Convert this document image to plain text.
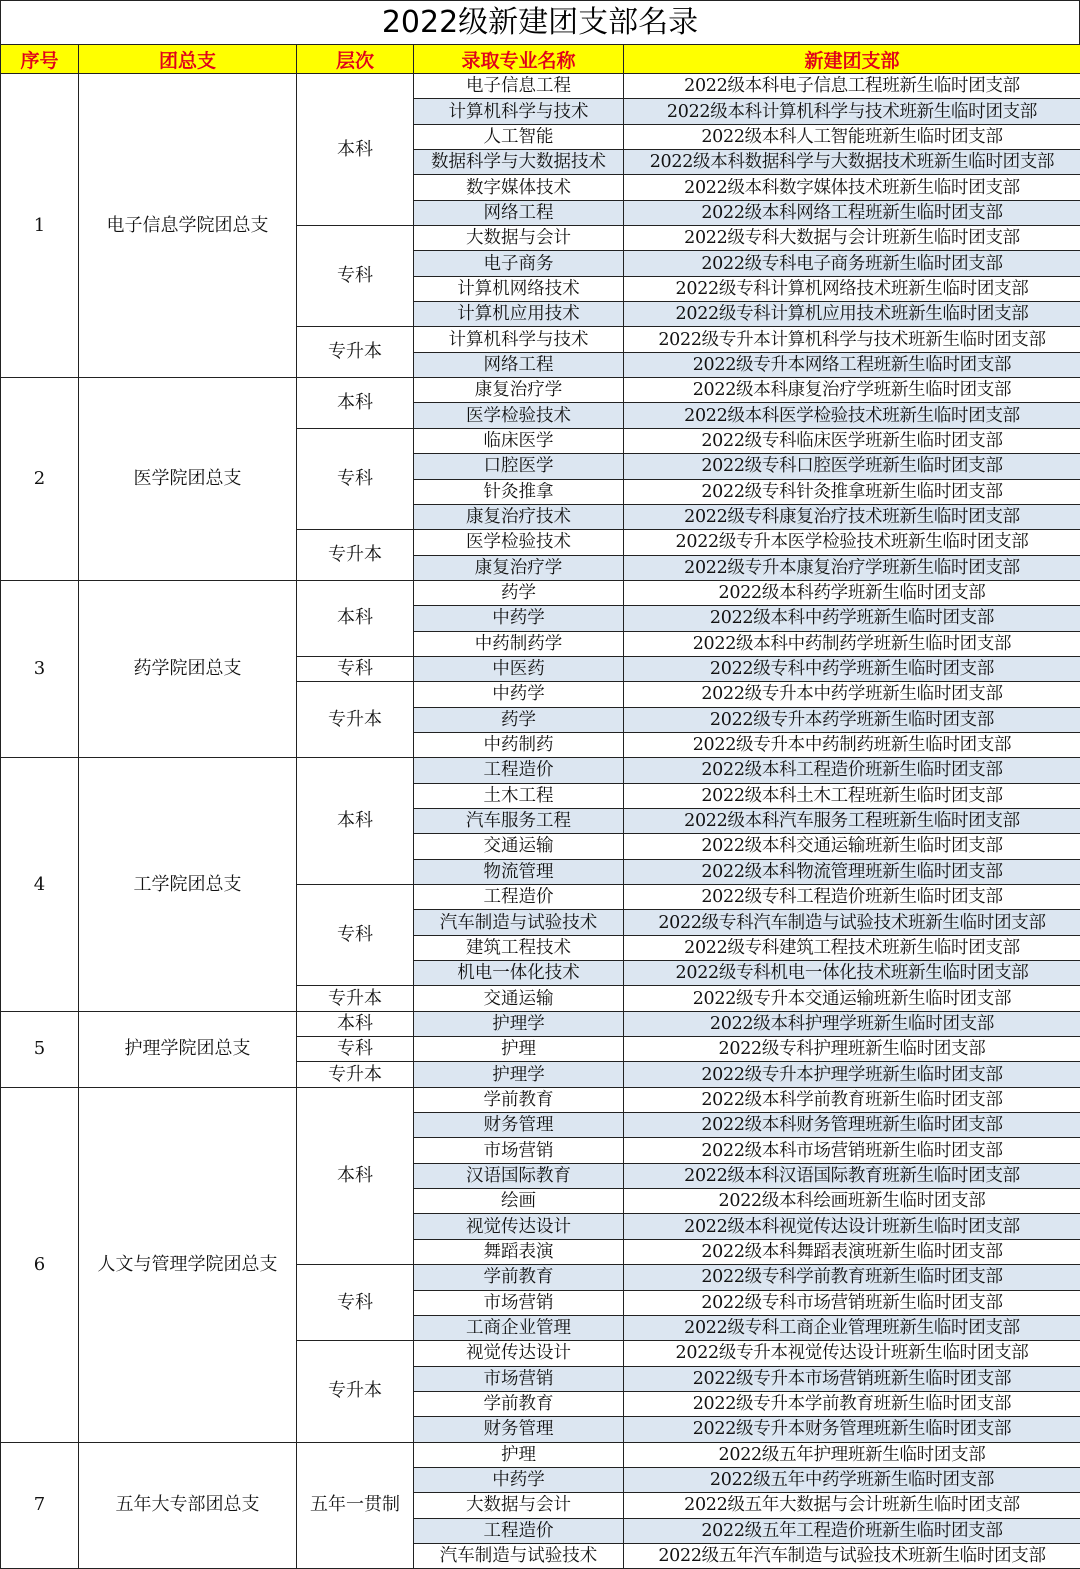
2022级新建团支部名录
序号	团总支	层次	录取专业名称	新建团支部
1	电子信息学院团总支	本科	电子信息工程	2022级本科电子信息工程班新生临时团支部
			计算机科学与技术	2022级本科计算机科学与技术班新生临时团支部
			人工智能	2022级本科人工智能班新生临时团支部
			数据科学与大数据技术	2022级本科数据科学与大数据技术班新生临时团支部
			数字媒体技术	2022级本科数字媒体技术班新生临时团支部
			网络工程	2022级本科网络工程班新生临时团支部
		专科	大数据与会计	2022级专科大数据与会计班新生临时团支部
			电子商务	2022级专科电子商务班新生临时团支部
			计算机网络技术	2022级专科计算机网络技术班新生临时团支部
			计算机应用技术	2022级专科计算机应用技术班新生临时团支部
		专升本	计算机科学与技术	2022级专升本计算机科学与技术班新生临时团支部
			网络工程	2022级专升本网络工程班新生临时团支部
2	医学院团总支	本科	康复治疗学	2022级本科康复治疗学班新生临时团支部
			医学检验技术	2022级本科医学检验技术班新生临时团支部
		专科	临床医学	2022级专科临床医学班新生临时团支部
			口腔医学	2022级专科口腔医学班新生临时团支部
			针灸推拿	2022级专科针灸推拿班新生临时团支部
			康复治疗技术	2022级专科康复治疗技术班新生临时团支部
		专升本	医学检验技术	2022级专升本医学检验技术班新生临时团支部
			康复治疗学	2022级专升本康复治疗学班新生临时团支部
3	药学院团总支	本科	药学	2022级本科药学班新生临时团支部
			中药学	2022级本科中药学班新生临时团支部
			中药制药学	2022级本科中药制药学班新生临时团支部
		专科	中医药	2022级专科中药学班新生临时团支部
		专升本	中药学	2022级专升本中药学班新生临时团支部
			药学	2022级专升本药学班新生临时团支部
			中药制药	2022级专升本中药制药班新生临时团支部
4	工学院团总支	本科	工程造价	2022级本科工程造价班新生临时团支部
			土木工程	2022级本科土木工程班新生临时团支部
			汽车服务工程	2022级本科汽车服务工程班新生临时团支部
			交通运输	2022级本科交通运输班新生临时团支部
			物流管理	2022级本科物流管理班新生临时团支部
		专科	工程造价	2022级专科工程造价班新生临时团支部
			汽车制造与试验技术	2022级专科汽车制造与试验技术班新生临时团支部
			建筑工程技术	2022级专科建筑工程技术班新生临时团支部
			机电一体化技术	2022级专科机电一体化技术班新生临时团支部
		专升本	交通运输	2022级专升本交通运输班新生临时团支部
5	护理学院团总支	本科	护理学	2022级本科护理学班新生临时团支部
		专科	护理	2022级专科护理班新生临时团支部
		专升本	护理学	2022级专升本护理学班新生临时团支部
6	人文与管理学院团总支	本科	学前教育	2022级本科学前教育班新生临时团支部
			财务管理	2022级本科财务管理班新生临时团支部
			市场营销	2022级本科市场营销班新生临时团支部
			汉语国际教育	2022级本科汉语国际教育班新生临时团支部
			绘画	2022级本科绘画班新生临时团支部
			视觉传达设计	2022级本科视觉传达设计班新生临时团支部
			舞蹈表演	2022级本科舞蹈表演班新生临时团支部
		专科	学前教育	2022级专科学前教育班新生临时团支部
			市场营销	2022级专科市场营销班新生临时团支部
			工商企业管理	2022级专科工商企业管理班新生临时团支部
		专升本	视觉传达设计	2022级专升本视觉传达设计班新生临时团支部
			市场营销	2022级专升本市场营销班新生临时团支部
			学前教育	2022级专升本学前教育班新生临时团支部
			财务管理	2022级专升本财务管理班新生临时团支部
7	五年大专部团总支	五年一贯制	护理	2022级五年护理班新生临时团支部
			中药学	2022级五年中药学班新生临时团支部
			大数据与会计	2022级五年大数据与会计班新生临时团支部
			工程造价	2022级五年工程造价班新生临时团支部
			汽车制造与试验技术	2022级五年汽车制造与试验技术班新生临时团支部
